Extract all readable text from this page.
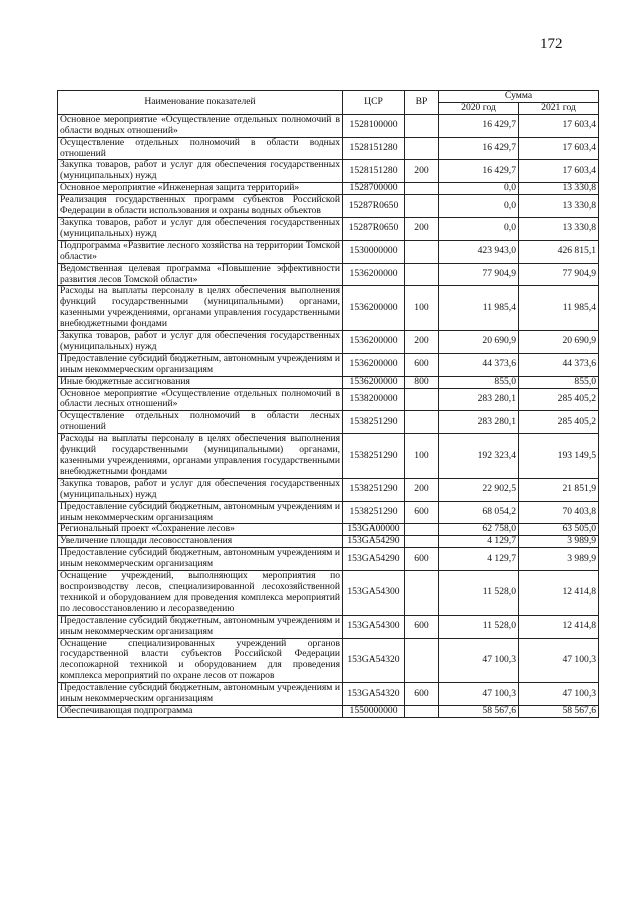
172
Наименование показателей	ЦСР	ВР	Сумма	
			2020 год	2021 год
Основное мероприятие «Осуществление отдельных полномочий в области водных отношений»	1528100000		16 429,7	17 603,4
Осуществление отдельных полномочий в области водных отношений	1528151280		16 429,7	17 603,4
Закупка товаров, работ и услуг для обеспечения государственных (муниципальных) нужд	1528151280	200	16 429,7	17 603,4
Основное мероприятие «Инженерная защита территорий»	1528700000		0,0	13 330,8
Реализация государственных программ субъектов Российской Федерации в области использования и охраны водных объектов	15287R0650		0,0	13 330,8
Закупка товаров, работ и услуг для обеспечения государственных (муниципальных) нужд	15287R0650	200	0,0	13 330,8
Подпрограмма «Развитие лесного хозяйства на территории Томской области»	1530000000		423 943,0	426 815,1
Ведомственная целевая программа «Повышение эффективности развития лесов Томской области»	1536200000		77 904,9	77 904,9
Расходы на выплаты персоналу в целях обеспечения выполнения функций государственными (муниципальными) органами, казенными учреждениями, органами управления государственными внебюджетными фондами	1536200000	100	11 985,4	11 985,4
Закупка товаров, работ и услуг для обеспечения государственных (муниципальных) нужд	1536200000	200	20 690,9	20 690,9
Предоставление субсидий бюджетным, автономным учреждениям и иным некоммерческим организациям	1536200000	600	44 373,6	44 373,6
Иные бюджетные ассигнования	1536200000	800	855,0	855,0
Основное мероприятие «Осуществление отдельных полномочий в области лесных отношений»	1538200000		283 280,1	285 405,2
Осуществление отдельных полномочий в области лесных отношений	1538251290		283 280,1	285 405,2
Расходы на выплаты персоналу в целях обеспечения выполнения функций государственными (муниципальными) органами, казенными учреждениями, органами управления государственными внебюджетными фондами	1538251290	100	192 323,4	193 149,5
Закупка товаров, работ и услуг для обеспечения государственных (муниципальных) нужд	1538251290	200	22 902,5	21 851,9
Предоставление субсидий бюджетным, автономным учреждениям и иным некоммерческим организациям	1538251290	600	68 054,2	70 403,8
Региональный проект «Сохранение лесов»	153GA00000		62 758,0	63 505,0
Увеличение площади лесовосстановления	153GA54290		4 129,7	3 989,9
Предоставление субсидий бюджетным, автономным учреждениям и иным некоммерческим организациям	153GA54290	600	4 129,7	3 989,9
Оснащение учреждений, выполняющих мероприятия по воспроизводству лесов, специализированной лесохозяйственной техникой и оборудованием для проведения комплекса мероприятий по лесовосстановлению и лесоразведению	153GA54300		11 528,0	12 414,8
Предоставление субсидий бюджетным, автономным учреждениям и иным некоммерческим организациям	153GA54300	600	11 528,0	12 414,8
Оснащение специализированных учреждений органов государственной власти субъектов Российской Федерации лесопожарной техникой и оборудованием для проведения комплекса мероприятий по охране лесов от пожаров	153GA54320		47 100,3	47 100,3
Предоставление субсидий бюджетным, автономным учреждениям и иным некоммерческим организациям	153GA54320	600	47 100,3	47 100,3
Обеспечивающая подпрограмма	1550000000		58 567,6	58 567,6
